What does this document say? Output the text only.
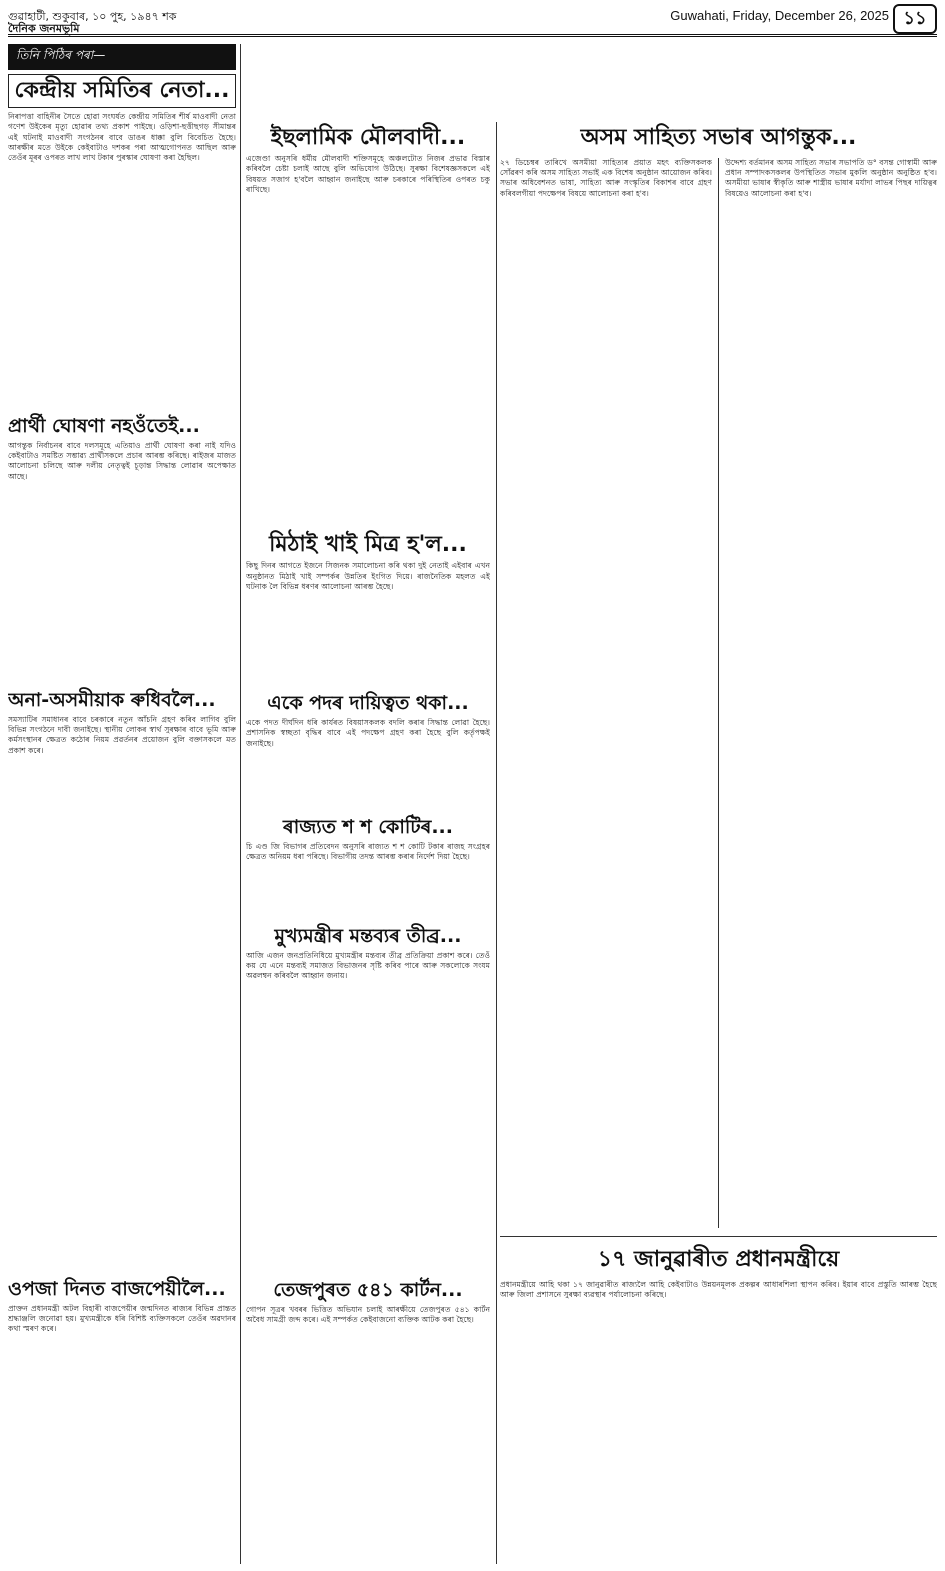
গুৱাহাটী, শুকুবাৰ, ১০ পুহ, ১৯৪৭ শক	Guwahati, Friday, December 26, 2025 ১১
দৈনিক জনমভূমি
তিনি পিঠিৰ পৰা—
কেন্দ্ৰীয় সমিতিৰ নেতা...

নিৰাপত্তা বাহিনীৰ সৈতে হোৱা সংঘৰ্ষত কেন্দ্ৰীয় সমিতিৰ শীৰ্ষ মাওবাদী নেতা গণেশ উইকেৰ মৃত্যু হোৱাৰ তথ্য প্ৰকাশ পাইছে। ওড়িশা-ছত্তীছগড় সীমান্তৰ এই ঘটনাই মাওবাদী সংগঠনৰ বাবে ডাঙৰ ধাক্কা বুলি বিবেচিত হৈছে। আৰক্ষীৰ মতে উইকে কেইবাটাও দশকৰ পৰা আত্মগোপনত আছিল আৰু তেওঁৰ মূৰৰ ওপৰত লাখ লাখ টকাৰ পুৰস্কাৰ ঘোষণা কৰা হৈছিল।

প্ৰাৰ্থী ঘোষণা নহওঁতেই...

আগন্তুক নিৰ্বাচনৰ বাবে দলসমূহে এতিয়াও প্ৰাৰ্থী ঘোষণা কৰা নাই যদিও কেইবাটাও সমষ্টিত সম্ভাৱ্য প্ৰাৰ্থীসকলে প্ৰচাৰ আৰম্ভ কৰিছে। ৰাইজৰ মাজত আলোচনা চলিছে আৰু দলীয় নেতৃত্বই চূড়ান্ত সিদ্ধান্ত লোৱাৰ অপেক্ষাত আছে।

অনা-অসমীয়াক ৰুধিবলৈ...

সমস্যাটিৰ সমাধানৰ বাবে চৰকাৰে নতুন আঁচনি গ্ৰহণ কৰিব লাগিব বুলি বিভিন্ন সংগঠনে দাবী জনাইছে। স্থানীয় লোকৰ স্বাৰ্থ সুৰক্ষাৰ বাবে ভূমি আৰু কৰ্মসংস্থানৰ ক্ষেত্ৰত কঠোৰ নিয়ম প্ৰৱৰ্তনৰ প্ৰয়োজন বুলি বক্তাসকলে মত প্ৰকাশ কৰে।

ওপজা দিনত বাজপেয়ীলৈ...

প্ৰাক্তন প্ৰধানমন্ত্ৰী অটল বিহাৰী বাজপেয়ীৰ জন্মদিনত ৰাজ্যৰ বিভিন্ন প্ৰান্তত শ্ৰদ্ধাঞ্জলি জনোৱা হয়। মুখ্যমন্ত্ৰীকে ধৰি বিশিষ্ট ব্যক্তিসকলে তেওঁৰ অৱদানৰ কথা স্মৰণ কৰে।

ইছলামিক মৌলবাদী...

এজেণ্ডা অনুসৰি ধৰ্মীয় মৌলবাদী শক্তিসমূহে অঞ্চলটোত নিজৰ প্ৰভাৱ বিস্তাৰ কৰিবলৈ চেষ্টা চলাই আছে বুলি অভিযোগ উঠিছে। সুৰক্ষা বিশেষজ্ঞসকলে এই বিষয়ত সজাগ হ'বলৈ আহ্বান জনাইছে আৰু চৰকাৰে পৰিস্থিতিৰ ওপৰত চকু ৰাখিছে।

মিঠাই খাই মিত্ৰ হ'ল...

কিছু দিনৰ আগতে ইজনে সিজনক সমালোচনা কৰি থকা দুই নেতাই এইবাৰ এখন অনুষ্ঠানত মিঠাই খাই সম্পৰ্কৰ উন্নতিৰ ইংগিত দিয়ে। ৰাজনৈতিক মহলত এই ঘটনাক লৈ বিভিন্ন ধৰণৰ আলোচনা আৰম্ভ হৈছে।

একে পদৰ দায়িত্বত থকা...

একে পদত দীৰ্ঘদিন ধৰি কাৰ্যৰত বিষয়াসকলক বদলি কৰাৰ সিদ্ধান্ত লোৱা হৈছে। প্ৰশাসনিক স্বচ্ছতা বৃদ্ধিৰ বাবে এই পদক্ষেপ গ্ৰহণ কৰা হৈছে বুলি কৰ্তৃপক্ষই জনাইছে।

ৰাজ্যত শ শ কোটিৰ...

চি এণ্ড জি বিভাগৰ প্ৰতিবেদন অনুসৰি ৰাজ্যত শ শ কোটি টকাৰ ৰাজহ সংগ্ৰহৰ ক্ষেত্ৰত অনিয়ম ধৰা পৰিছে। বিভাগীয় তদন্ত আৰম্ভ কৰাৰ নিৰ্দেশ দিয়া হৈছে।

মুখ্যমন্ত্ৰীৰ মন্তব্যৰ তীব্ৰ...

আজি এজন জনপ্ৰতিনিধিয়ে মুখ্যমন্ত্ৰীৰ মন্তব্যৰ তীব্ৰ প্ৰতিক্ৰিয়া প্ৰকাশ কৰে। তেওঁ কয় যে এনে মন্তব্যই সমাজত বিভাজনৰ সৃষ্টি কৰিব পাৰে আৰু সকলোকে সংযম অৱলম্বন কৰিবলৈ আহ্বান জনায়।

তেজপুৰত ৫৪১ কাৰ্টন...

গোপন সূত্ৰৰ খবৰৰ ভিত্তিত অভিযান চলাই আৰক্ষীয়ে তেজপুৰত ৫৪১ কাৰ্টন অবৈধ সামগ্ৰী জব্দ কৰে। এই সম্পৰ্কত কেইবাজনো ব্যক্তিক আটক কৰা হৈছে।

অসম সাহিত্য সভাৰ আগন্তুক...

২৭ ডিচেম্বৰ তাৰিখে অসমীয়া সাহিত্যৰ প্ৰয়াত মহৎ ব্যক্তিসকলক সোঁৱৰণ কৰি অসম সাহিত্য সভাই এক বিশেষ অনুষ্ঠান আয়োজন কৰিব। সভাৰ অধিবেশনত ভাষা, সাহিত্য আৰু সংস্কৃতিৰ বিকাশৰ বাবে গ্ৰহণ কৰিবলগীয়া পদক্ষেপৰ বিষয়ে আলোচনা কৰা হ'ব।

উদ্দেশ্য বৰ্তমানৰ অসম সাহিত্য সভাৰ সভাপতি ড° বসন্ত গোস্বামী আৰু প্ৰধান সম্পাদকসকলৰ উপস্থিতিত সভাৰ মুকলি অনুষ্ঠান অনুষ্ঠিত হ'ব। অসমীয়া ভাষাৰ স্বীকৃতি আৰু শাস্ত্ৰীয় ভাষাৰ মৰ্যাদা লাভৰ পিছৰ দায়িত্বৰ বিষয়েও আলোচনা কৰা হ'ব।

১৭ জানুৱাৰীত প্ৰধানমন্ত্ৰীয়ে

প্ৰধানমন্ত্ৰীয়ে আহি থকা ১৭ জানুৱাৰীত ৰাজ্যলৈ আহি কেইবাটাও উন্নয়নমূলক প্ৰকল্পৰ আধাৰশিলা স্থাপন কৰিব। ইয়াৰ বাবে প্ৰস্তুতি আৰম্ভ হৈছে আৰু জিলা প্ৰশাসনে সুৰক্ষা ব্যৱস্থাৰ পৰ্যালোচনা কৰিছে।
